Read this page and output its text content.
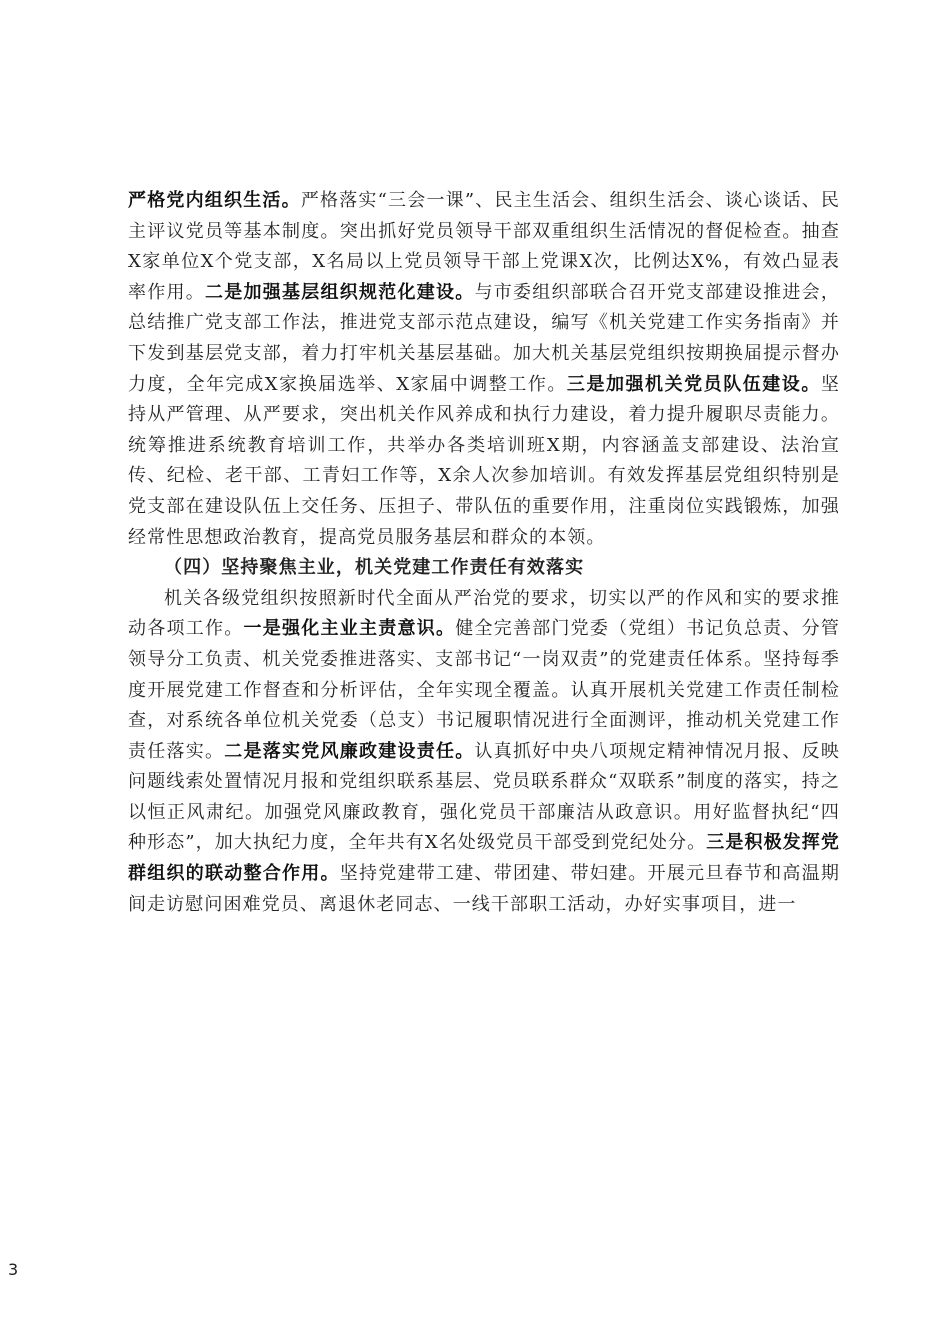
严格党内组织生活。严格落实“三会一课”、民主生活会、组织生活会、谈心谈话、民主评议党员等基本制度。突出抓好党员领导干部双重组织生活情况的督促检查。抽查X家单位X个党支部，X名局以上党员领导干部上党课X次，比例达X%，有效凸显表率作用。二是加强基层组织规范化建设。与市委组织部联合召开党支部建设推进会，总结推广党支部工作法，推进党支部示范点建设，编写《机关党建工作实务指南》并下发到基层党支部，着力打牢机关基层基础。加大机关基层党组织按期换届提示督办力度，全年完成X家换届选举、X家届中调整工作。三是加强机关党员队伍建设。坚持从严管理、从严要求，突出机关作风养成和执行力建设，着力提升履职尽责能力。统筹推进系统教育培训工作，共举办各类培训班X期，内容涵盖支部建设、法治宣传、纪检、老干部、工青妇工作等，X余人次参加培训。有效发挥基层党组织特别是党支部在建设队伍上交任务、压担子、带队伍的重要作用，注重岗位实践锻炼，加强经常性思想政治教育，提高党员服务基层和群众的本领。

（四）坚持聚焦主业，机关党建工作责任有效落实

机关各级党组织按照新时代全面从严治党的要求，切实以严的作风和实的要求推动各项工作。一是强化主业主责意识。健全完善部门党委（党组）书记负总责、分管领导分工负责、机关党委推进落实、支部书记“一岗双责”的党建责任体系。坚持每季度开展党建工作督查和分析评估，全年实现全覆盖。认真开展机关党建工作责任制检查，对系统各单位机关党委（总支）书记履职情况进行全面测评，推动机关党建工作责任落实。二是落实党风廉政建设责任。认真抓好中央八项规定精神情况月报、反映问题线索处置情况月报和党组织联系基层、党员联系群众“双联系”制度的落实，持之以恒正风肃纪。加强党风廉政教育，强化党员干部廉洁从政意识。用好监督执纪“四种形态”，加大执纪力度，全年共有X名处级党员干部受到党纪处分。三是积极发挥党群组织的联动整合作用。坚持党建带工建、带团建、带妇建。开展元旦春节和高温期间走访慰问困难党员、离退休老同志、一线干部职工活动，办好实事项目，进一

3
